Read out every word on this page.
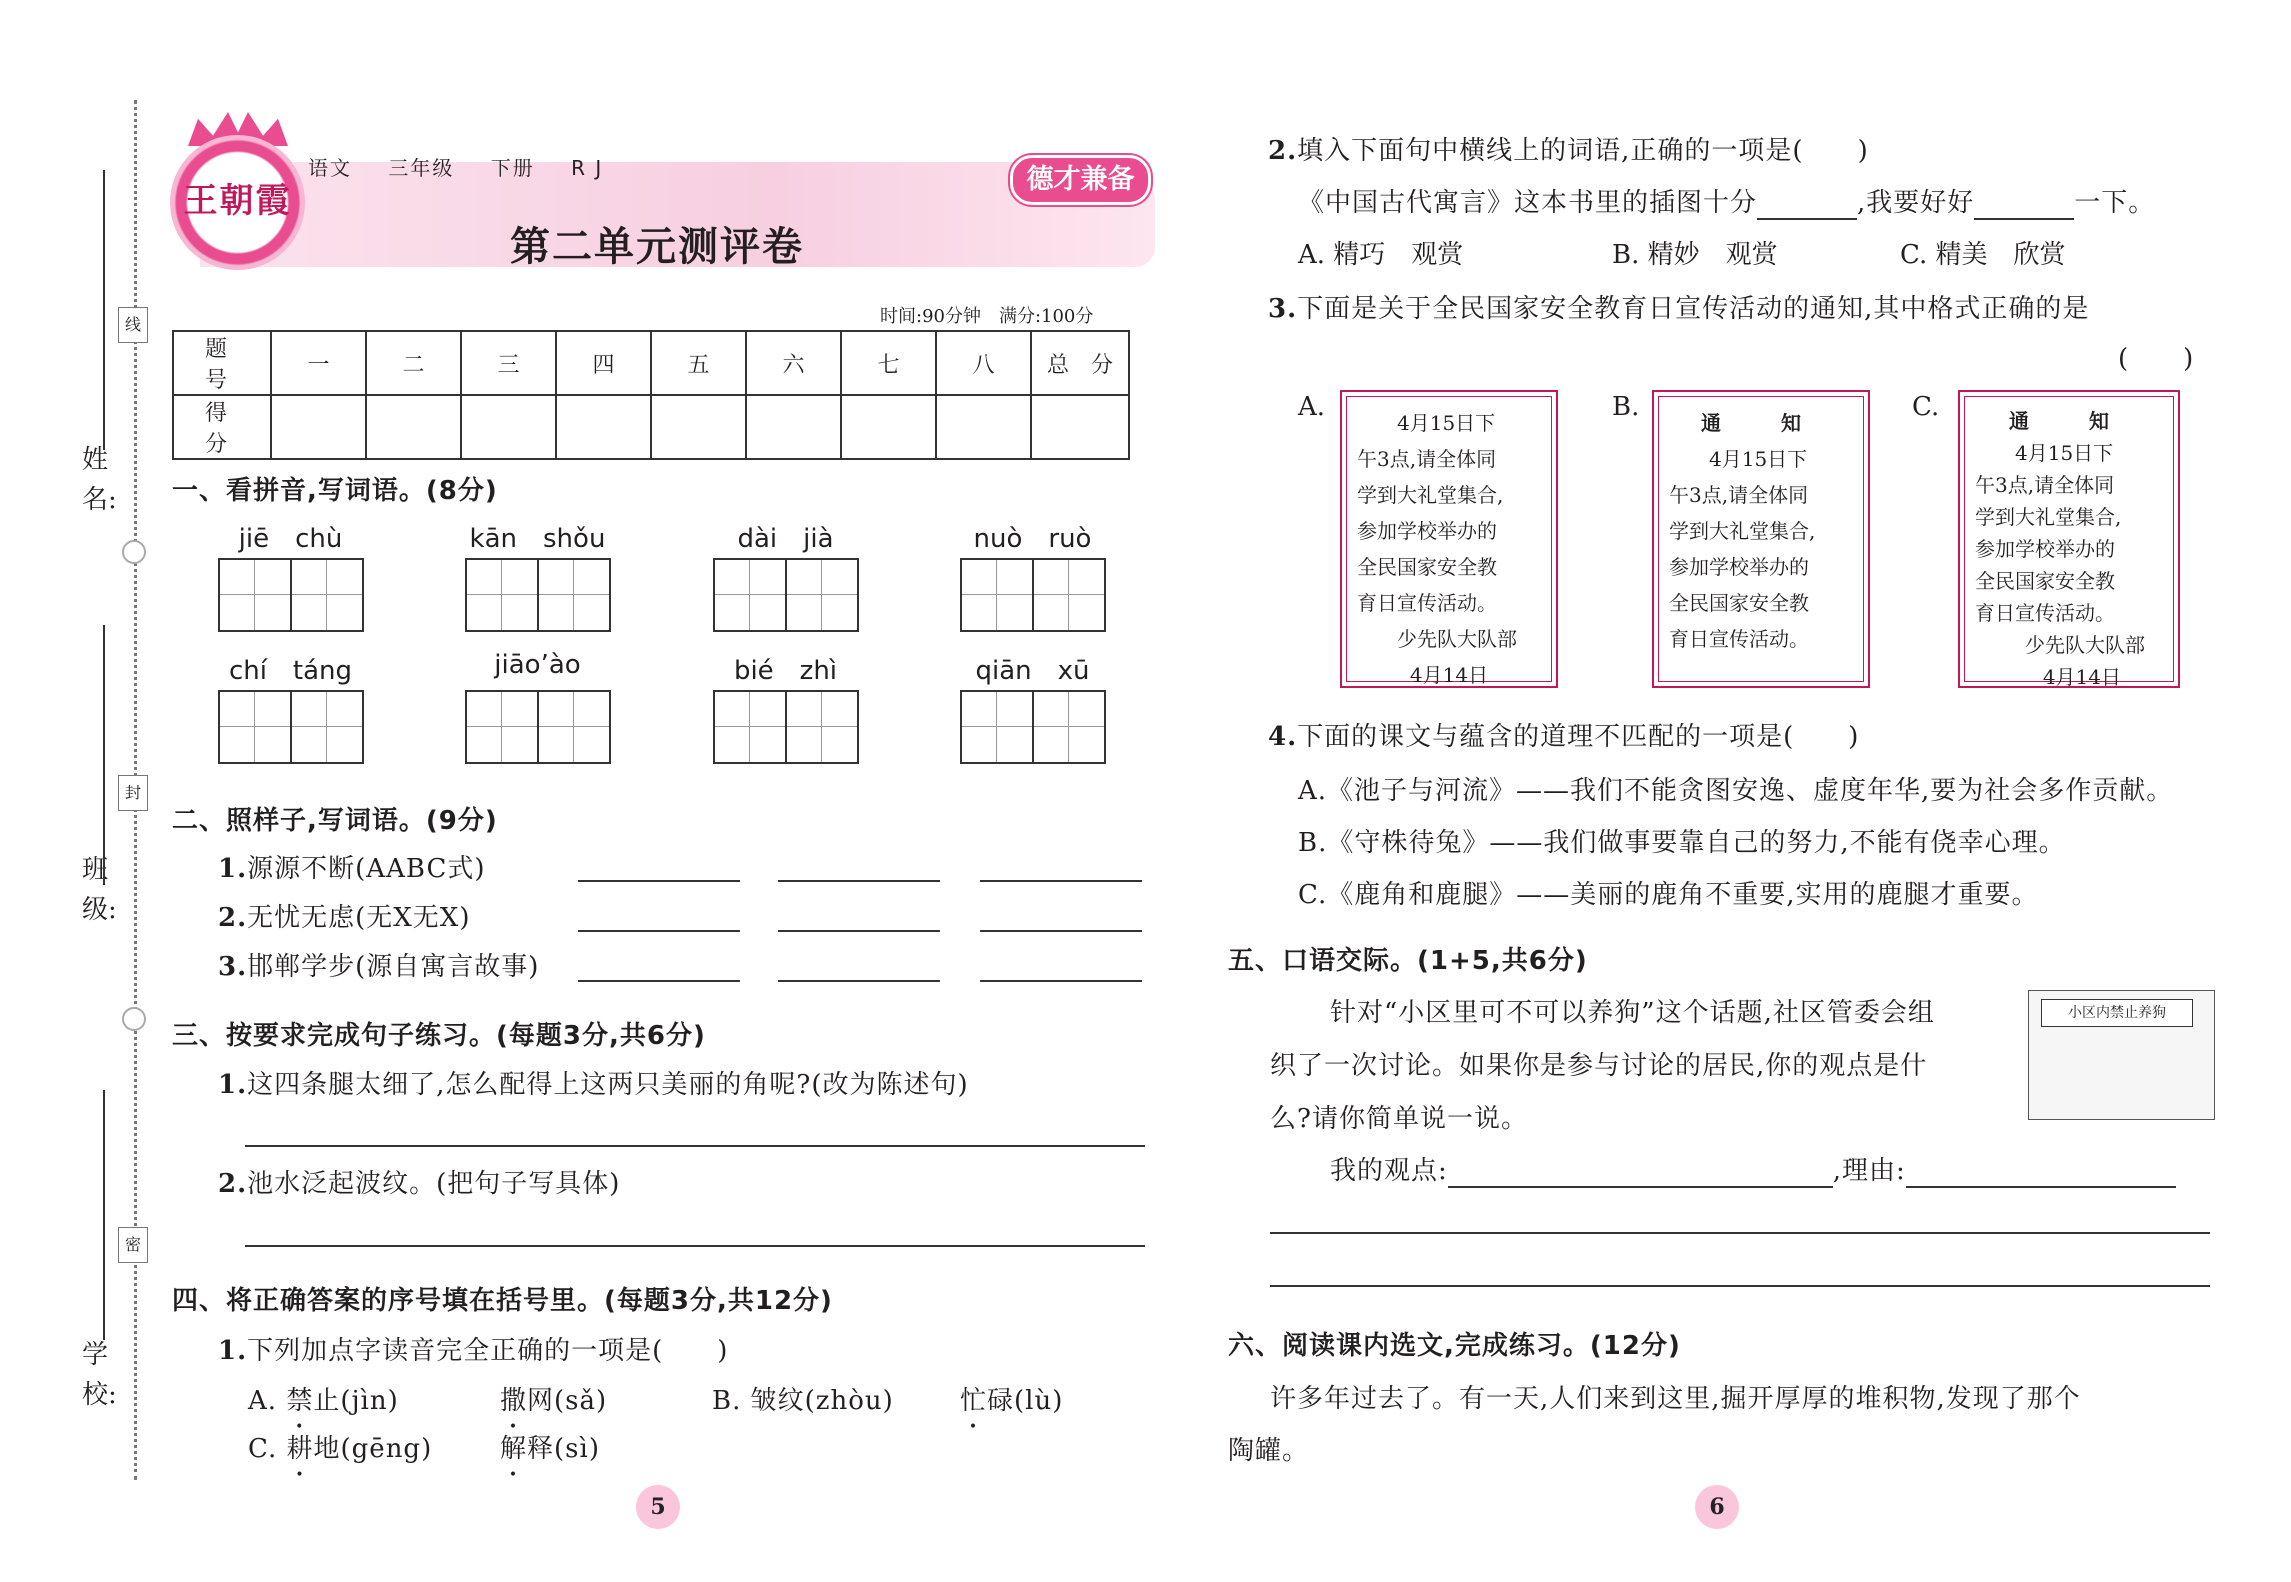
姓 名:
班 级:
学 校:
线
封
密
王朝霞
语文 三年级 下册 R J	德才兼备
第二单元测评卷
时间:90分钟　满分:100分
题　号	一	二	三	四	五	六	七	八	总　分
得　分									
一、看拼音,写词语。(8分)
jiē　chù	kān　shǒu	dài　jià	nuò　ruò
chí　táng	jiāo’ào	bié　zhì	qiān　xū
二、照样子,写词语。(9分)
1.源源不断(AABC式)
2.无忧无虑(无X无X)
3.邯郸学步(源自寓言故事)
三、按要求完成句子练习。(每题3分,共6分)
1.这四条腿太细了,怎么配得上这两只美丽的角呢?(改为陈述句)
2.池水泛起波纹。(把句子写具体)
四、将正确答案的序号填在括号里。(每题3分,共12分)
1.下列加点字读音完全正确的一项是(　　)
A. 禁止(jìn)	撒网(sǎ)	B. 皱纹(zhòu)	忙碌(lù)
C. 耕地(gēng)	解释(sì)
5
2.填入下面句中横线上的词语,正确的一项是(　　)
《中国古代寓言》这本书里的插图十分	,我要好好	一下。
A. 精巧　观赏	B. 精妙　观赏	C. 精美　欣赏
3.下面是关于全民国家安全教育日宣传活动的通知,其中格式正确的是
(　　)
A.
4月15日下
午3点,请全体同
学到大礼堂集合,
参加学校举办的
全民国家安全教
育日宣传活动。
少先队大队部
4月14日
B.
通　知
4月15日下
午3点,请全体同
学到大礼堂集合,
参加学校举办的
全民国家安全教
育日宣传活动。
C.	通　知
4月15日下
午3点,请全体同
学到大礼堂集合,
参加学校举办的
全民国家安全教
育日宣传活动。
少先队大队部
4月14日
4.下面的课文与蕴含的道理不匹配的一项是(　　)
A.《池子与河流》——我们不能贪图安逸、虚度年华,要为社会多作贡献。
B.《守株待兔》——我们做事要靠自己的努力,不能有侥幸心理。
C.《鹿角和鹿腿》——美丽的鹿角不重要,实用的鹿腿才重要。
五、口语交际。(1+5,共6分)
针对“小区里可不可以养狗”这个话题,社区管委会组
织了一次讨论。如果你是参与讨论的居民,你的观点是什
么?请你简单说一说。
小区内禁止养狗
我的观点:	,理由:
六、阅读课内选文,完成练习。(12分)
许多年过去了。有一天,人们来到这里,掘开厚厚的堆积物,发现了那个
陶罐。
6
